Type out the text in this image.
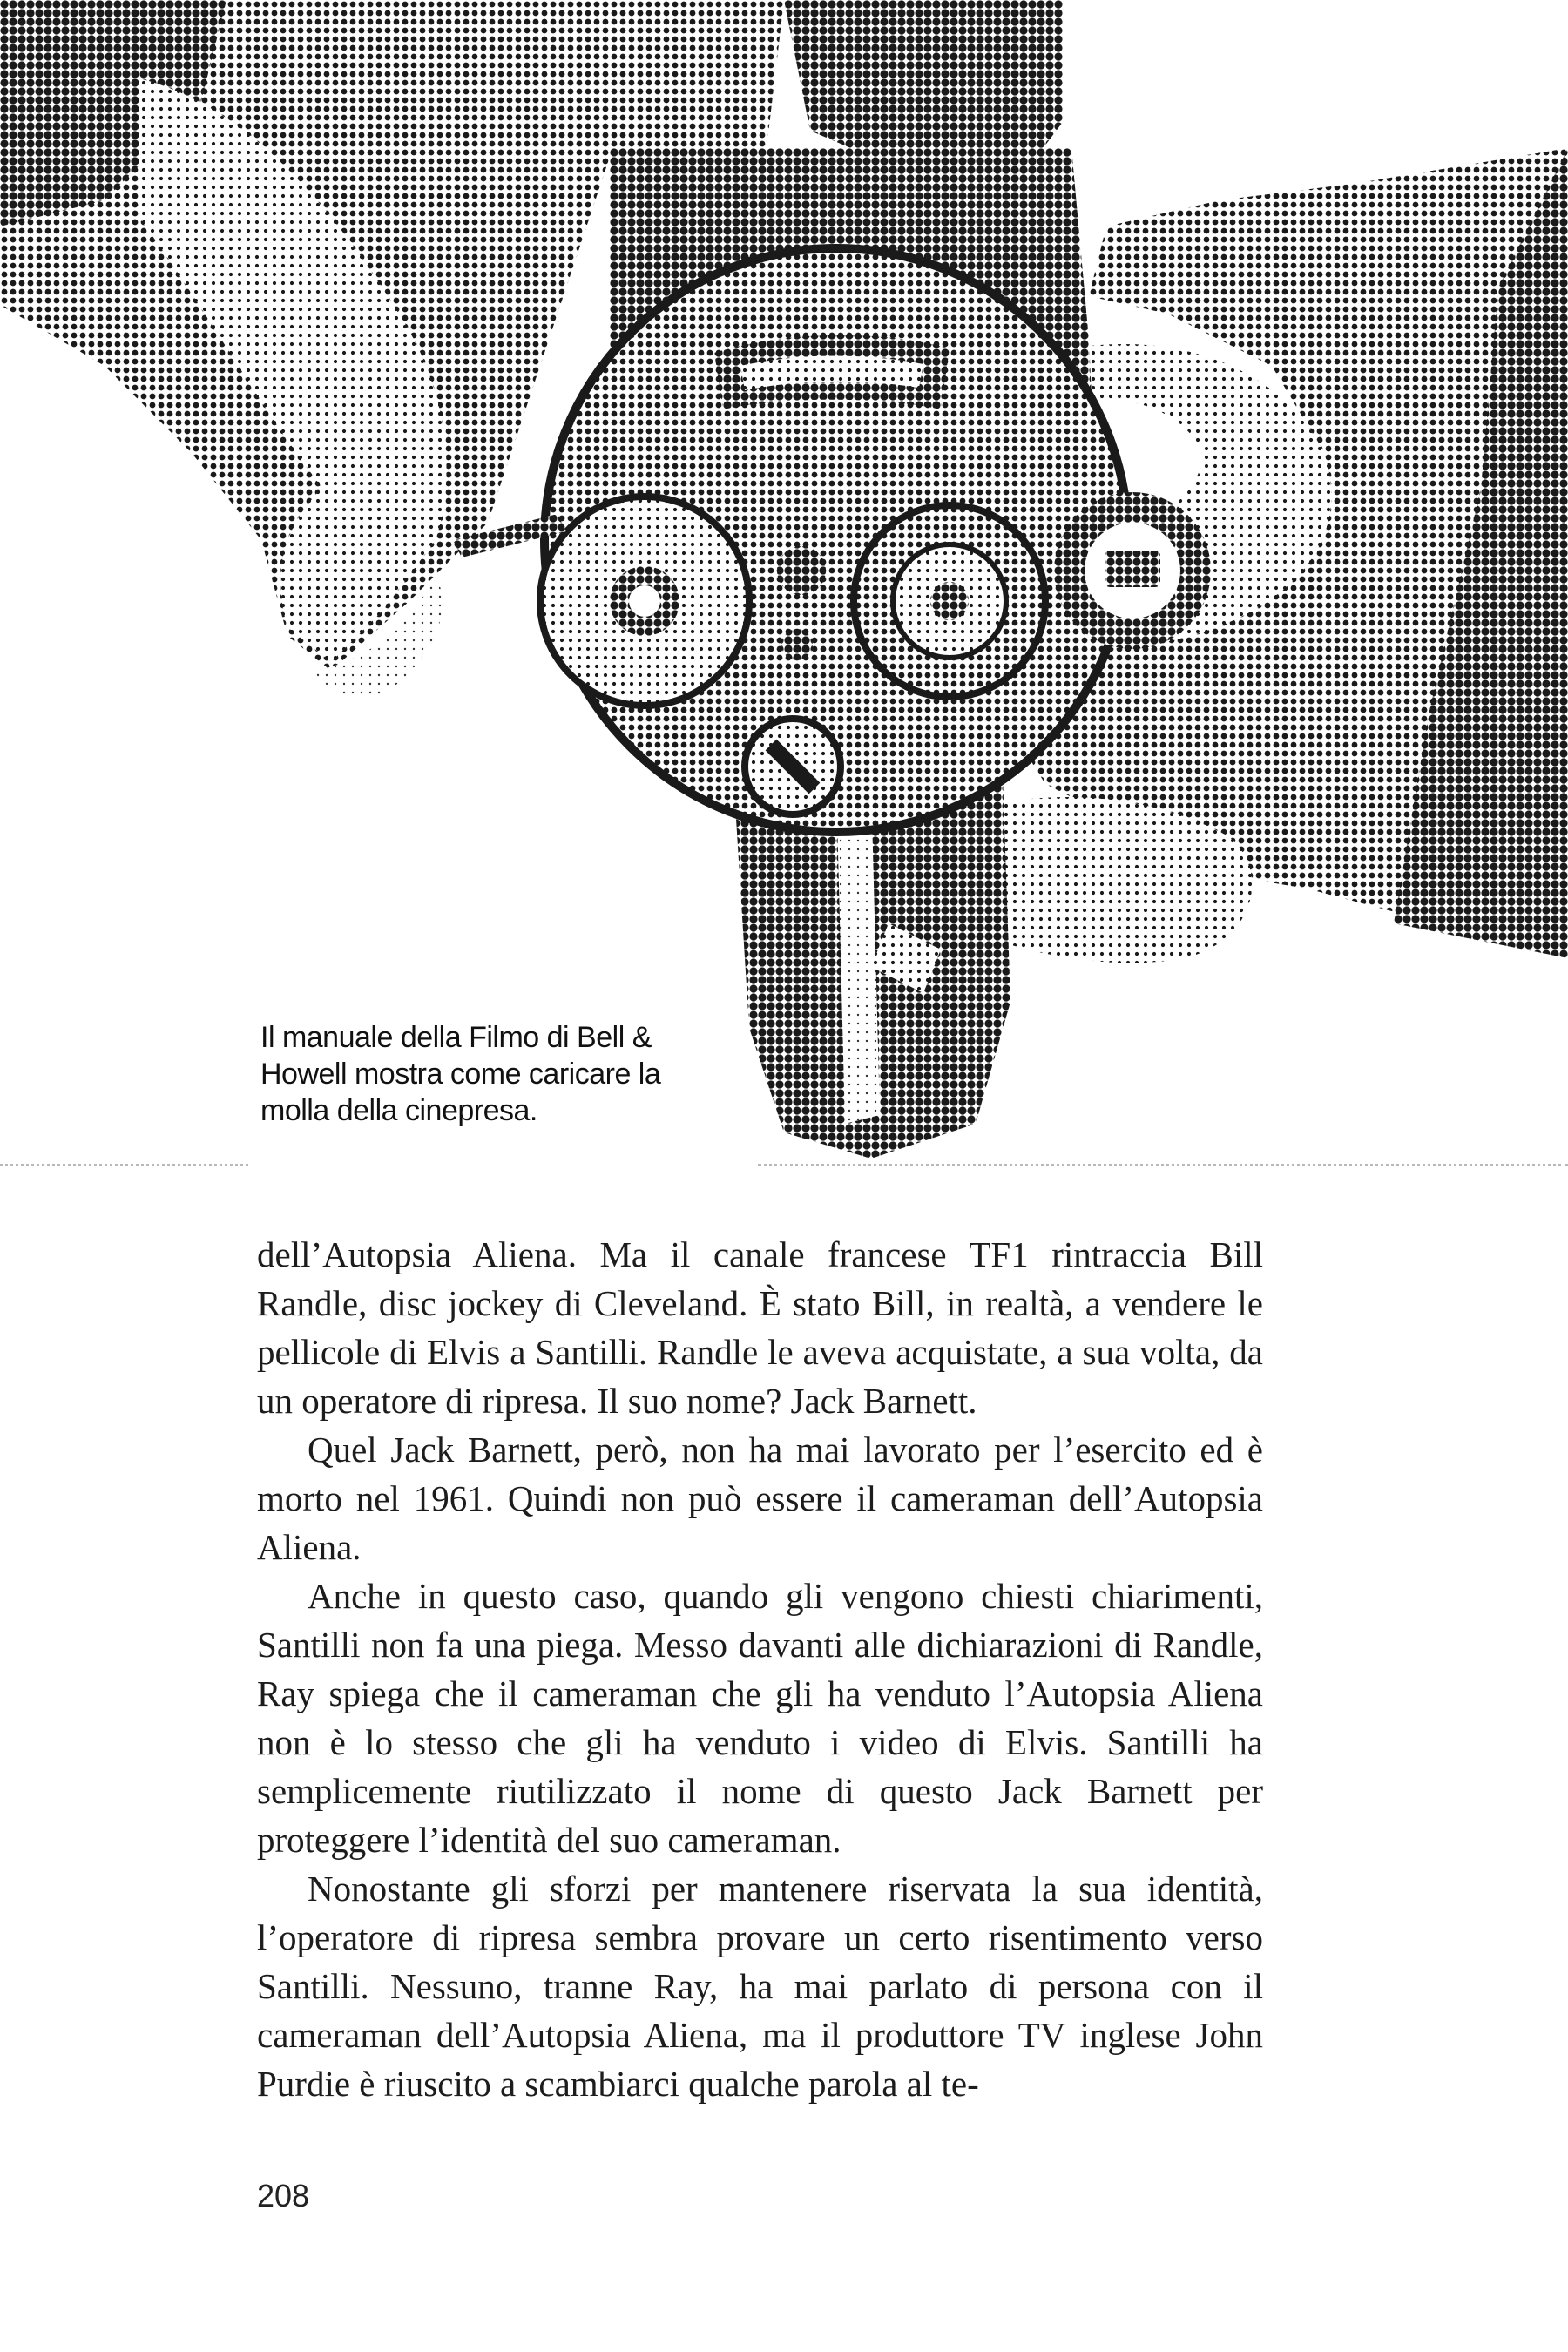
Il manuale della Filmo di Bell & Howell mostra come caricare la molla della cinepresa.

dell’Autopsia Aliena. Ma il canale francese TF1 rintraccia Bill Randle, disc jockey di Cleveland. È stato Bill, in realtà, a vendere le pellicole di Elvis a Santilli. Randle le aveva acquistate, a sua volta, da un operatore di ripresa. Il suo nome? Jack Barnett.

Quel Jack Barnett, però, non ha mai lavorato per l’esercito ed è morto nel 1961. Quindi non può essere il cameraman dell’Autopsia Aliena.

Anche in questo caso, quando gli vengono chiesti chiarimenti, Santilli non fa una piega. Messo davanti alle dichiarazioni di Randle, Ray spiega che il cameraman che gli ha venduto l’Autopsia Aliena non è lo stesso che gli ha venduto i video di Elvis. Santilli ha semplicemente riutilizzato il nome di questo Jack Barnett per proteggere l’identità del suo cameraman.

Nonostante gli sforzi per mantenere riservata la sua identità, l’operatore di ripresa sembra provare un certo risentimento verso Santilli. Nessuno, tranne Ray, ha mai parlato di persona con il cameraman dell’Autopsia Aliena, ma il produttore TV inglese John Purdie è riuscito a scambiarci qualche parola al te-

208
